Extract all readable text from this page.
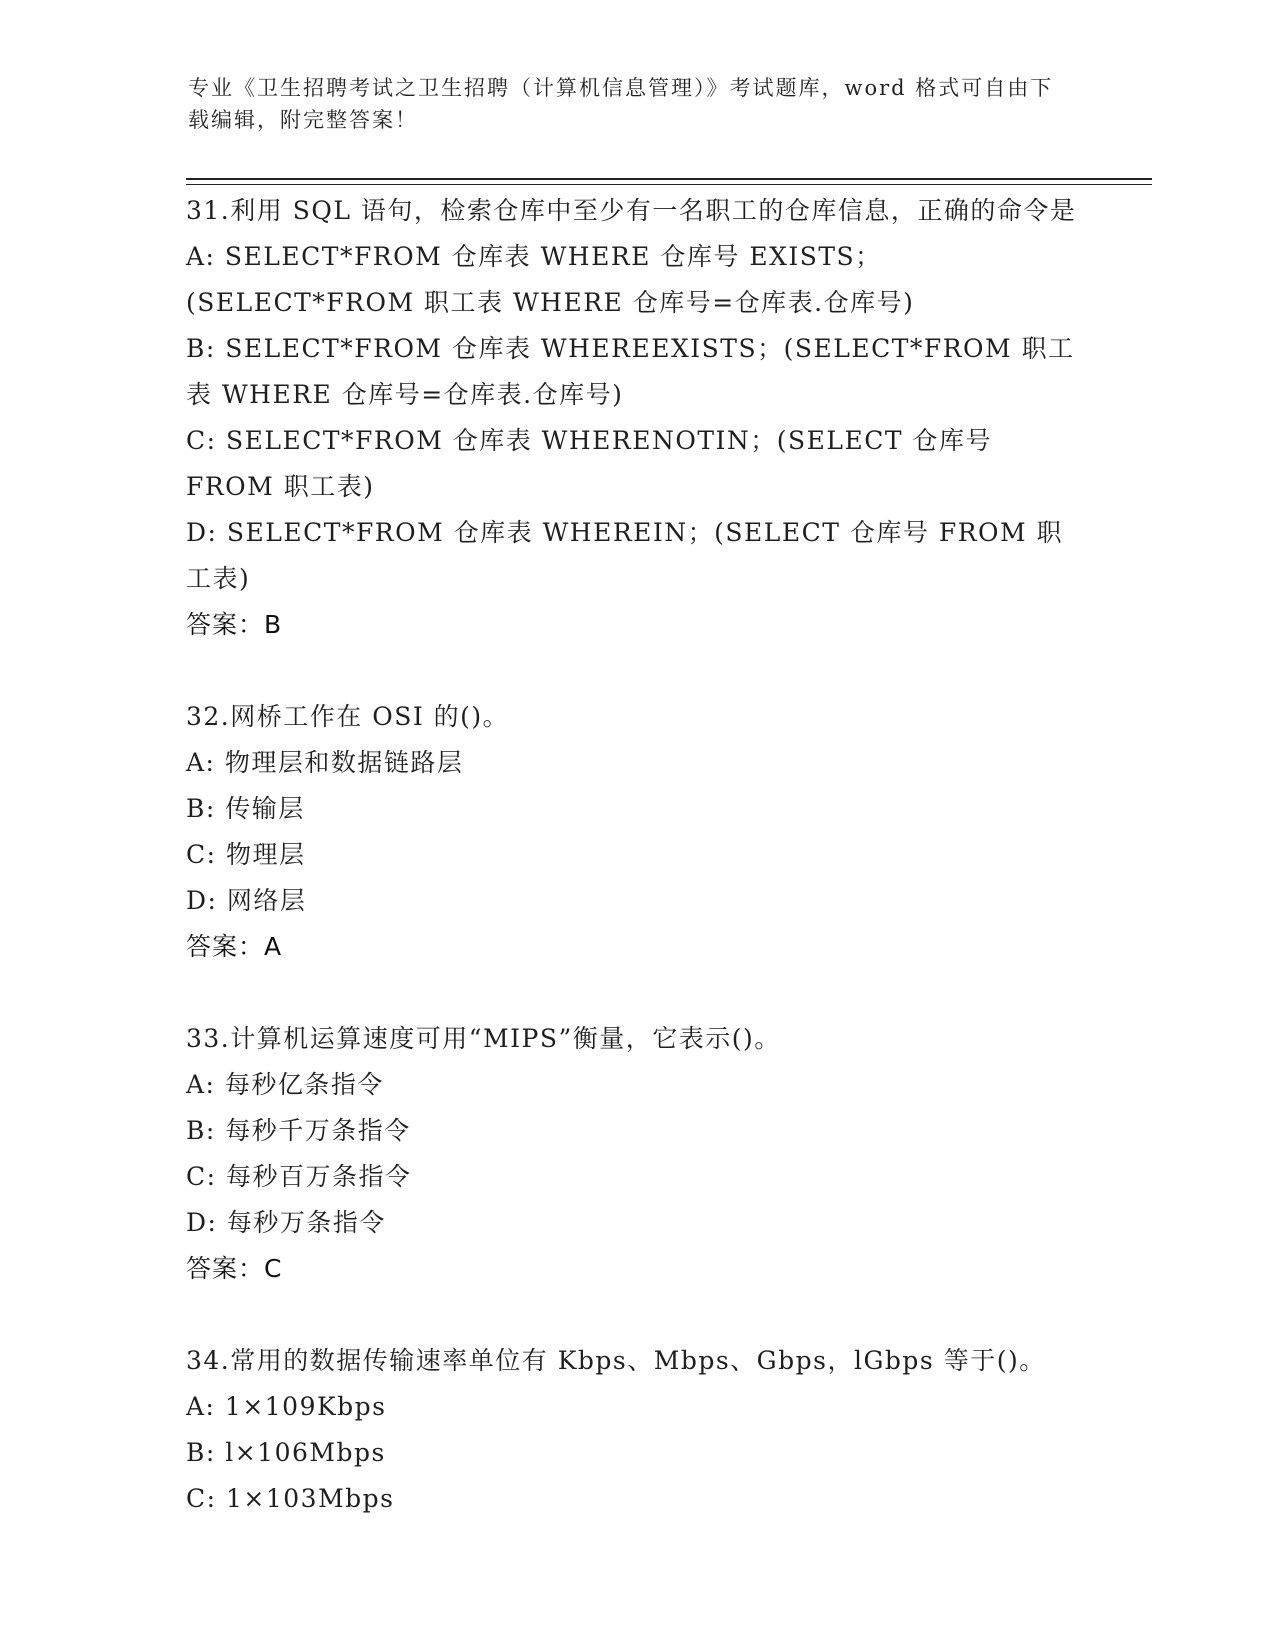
专业《卫生招聘考试之卫生招聘（计算机信息管理）》考试题库，word 格式可自由下载编辑，附完整答案！

31.利用 SQL 语句，检索仓库中至少有一名职工的仓库信息，正确的命令是

A: SELECT*FROM 仓库表 WHERE 仓库号 EXISTS；(SELECT*FROM 职工表 WHERE 仓库号=仓库表.仓库号)

B: SELECT*FROM 仓库表 WHEREEXISTS；(SELECT*FROM 职工表 WHERE 仓库号=仓库表.仓库号)

C: SELECT*FROM 仓库表 WHERENOTIN；(SELECT 仓库号 FROM 职工表)

D: SELECT*FROM 仓库表 WHEREIN；(SELECT 仓库号 FROM 职工表)

答案：B

32.网桥工作在 OSI 的()。

A: 物理层和数据链路层

B: 传输层

C: 物理层

D: 网络层

答案：A

33.计算机运算速度可用“MIPS”衡量，它表示()。

A: 每秒亿条指令

B: 每秒千万条指令

C: 每秒百万条指令

D: 每秒万条指令

答案：C

34.常用的数据传输速率单位有 Kbps、Mbps、Gbps，lGbps 等于()。

A: 1×109Kbps

B: l×106Mbps

C: 1×103Mbps
